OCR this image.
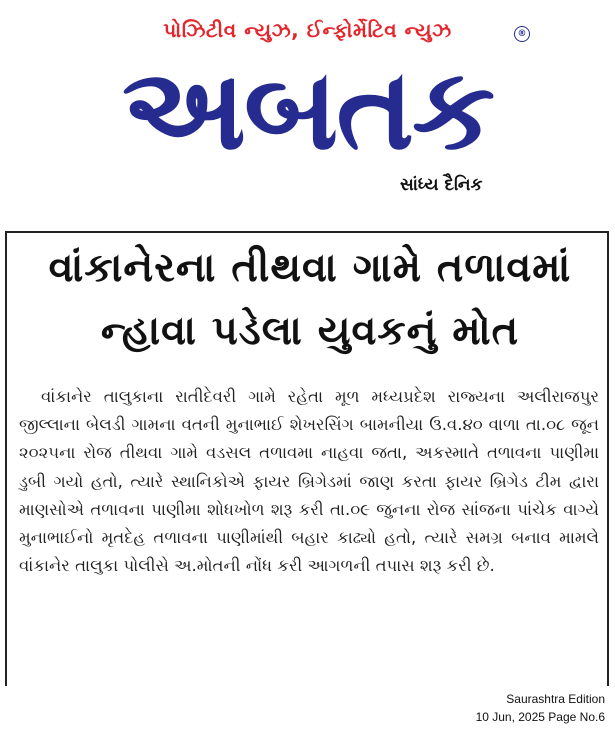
પોઝિટીવ ન્યુઝ, ઈન્ફોર્મેટિવ ન્યુઝ
અબતક
®
સાંધ્ય દૈનિક
વાંકાનેરના તીથવા ગામે તળાવમાં
ન્હાવા પડેલા યુવકનું મોત
વાંકાનેર તાલુકાના રાતીદેવરી ગામે રહેતા મૂળ મધ્યપ્રદેશ રાજ્યના અલીરાજપુર જીલ્લાના બેલડી ગામના વતની મુનાભાઈ શેખરસિંગ બામનીયા ઉ.વ.૪૦ વાળા તા.૦૮ જૂન ૨૦૨૫ના રોજ તીથવા ગામે વડસલ તળાવમા નાહવા જતા, અકસ્માતે તળાવના પાણીમા ડુબી ગયો હતો, ત્યારે સ્થાનિકોએ ફાયર બ્રિગેડમાં જાણ કરતા ફાયર બ્રિગેડ ટીમ દ્વારા માણસોએ તળાવના પાણીમા શોધખોળ શરૂ કરી તા.૦૯ જુનના રોજ સાંજના પાંચેક વાગ્યે મુનાભાઈનો મૃતદેહ તળાવના પાણીમાંથી બહાર કાઢ્યો હતો, ત્યારે સમગ્ર બનાવ મામલે વાંકાનેર તાલુકા પોલીસે અ.મોતની નોંધ કરી આગળની તપાસ શરૂ કરી છે.
Saurashtra Edition
10 Jun, 2025 Page No.6
